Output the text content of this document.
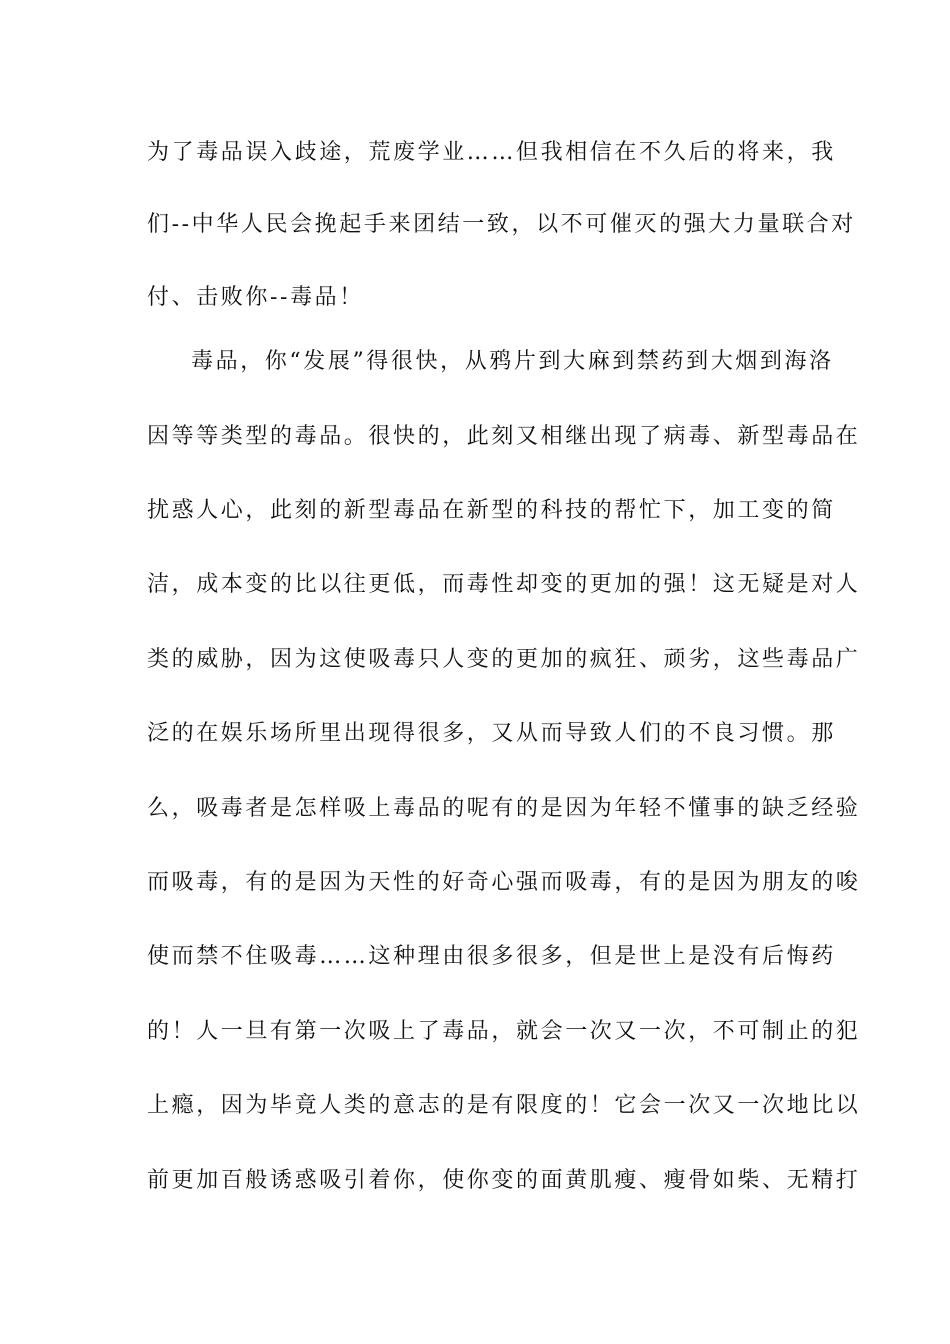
为了毒品误入歧途，荒废学业……但我相信在不久后的将来，我
们--中华人民会挽起手来团结一致，以不可催灭的强大力量联合对
付、击败你--毒品！
毒品，你“发展”得很快，从鸦片到大麻到禁药到大烟到海洛
因等等类型的毒品。很快的，此刻又相继出现了病毒、新型毒品在
扰惑人心，此刻的新型毒品在新型的科技的帮忙下，加工变的简
洁，成本变的比以往更低，而毒性却变的更加的强！这无疑是对人
类的威胁，因为这使吸毒只人变的更加的疯狂、顽劣，这些毒品广
泛的在娱乐场所里出现得很多，又从而导致人们的不良习惯。那
么，吸毒者是怎样吸上毒品的呢有的是因为年轻不懂事的缺乏经验
而吸毒，有的是因为天性的好奇心强而吸毒，有的是因为朋友的唆
使而禁不住吸毒……这种理由很多很多，但是世上是没有后悔药
的！人一旦有第一次吸上了毒品，就会一次又一次，不可制止的犯
上瘾，因为毕竟人类的意志的是有限度的！它会一次又一次地比以
前更加百般诱惑吸引着你，使你变的面黄肌瘦、瘦骨如柴、无精打
